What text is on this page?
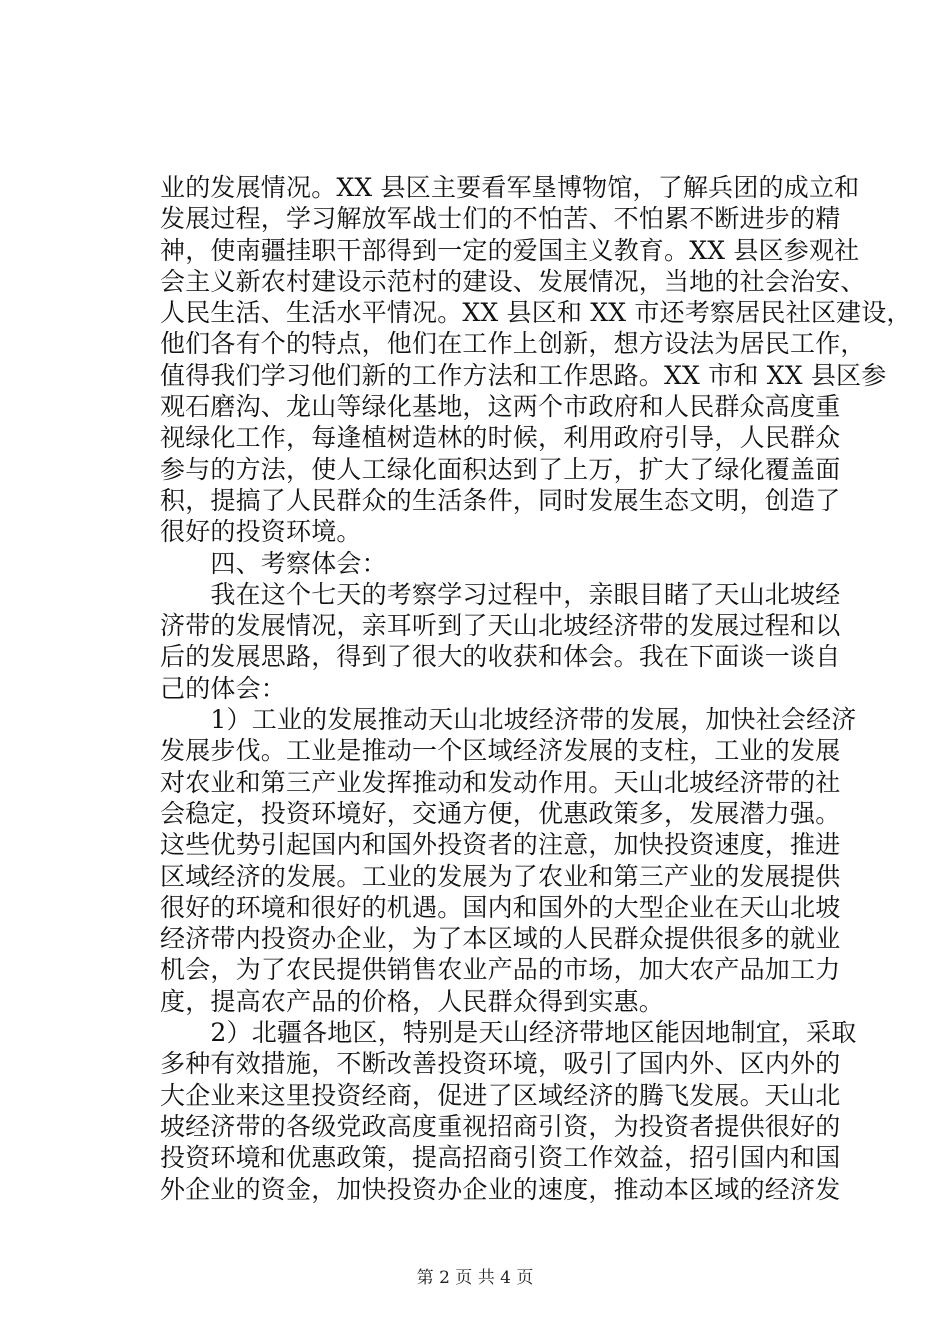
业的发展情况。XX 县区主要看军垦博物馆，了解兵团的成立和
发展过程，学习解放军战士们的不怕苦、不怕累不断进步的精
神，使南疆挂职干部得到一定的爱国主义教育。XX 县区参观社
会主义新农村建设示范村的建设、发展情况，当地的社会治安、
人民生活、生活水平情况。XX 县区和 XX 市还考察居民社区建设，
他们各有个的特点，他们在工作上创新，想方设法为居民工作，
值得我们学习他们新的工作方法和工作思路。XX 市和 XX 县区参
观石磨沟、龙山等绿化基地，这两个市政府和人民群众高度重
视绿化工作，每逢植树造林的时候，利用政府引导，人民群众
参与的方法，使人工绿化面积达到了上万，扩大了绿化覆盖面
积，提搞了人民群众的生活条件，同时发展生态文明，创造了
很好的投资环境。
　　四、考察体会：
　　我在这个七天的考察学习过程中，亲眼目睹了天山北坡经
济带的发展情况，亲耳听到了天山北坡经济带的发展过程和以
后的发展思路，得到了很大的收获和体会。我在下面谈一谈自
己的体会：
　　1）工业的发展推动天山北坡经济带的发展，加快社会经济
发展步伐。工业是推动一个区域经济发展的支柱，工业的发展
对农业和第三产业发挥推动和发动作用。天山北坡经济带的社
会稳定，投资环境好，交通方便，优惠政策多，发展潜力强。
这些优势引起国内和国外投资者的注意，加快投资速度，推进
区域经济的发展。工业的发展为了农业和第三产业的发展提供
很好的环境和很好的机遇。国内和国外的大型企业在天山北坡
经济带内投资办企业，为了本区域的人民群众提供很多的就业
机会，为了农民提供销售农业产品的市场，加大农产品加工力
度，提高农产品的价格，人民群众得到实惠。
　　2）北疆各地区，特别是天山经济带地区能因地制宜，采取
多种有效措施，不断改善投资环境，吸引了国内外、区内外的
大企业来这里投资经商，促进了区域经济的腾飞发展。天山北
坡经济带的各级党政高度重视招商引资，为投资者提供很好的
投资环境和优惠政策，提高招商引资工作效益，招引国内和国
外企业的资金，加快投资办企业的速度，推动本区域的经济发
第 2 页 共 4 页
